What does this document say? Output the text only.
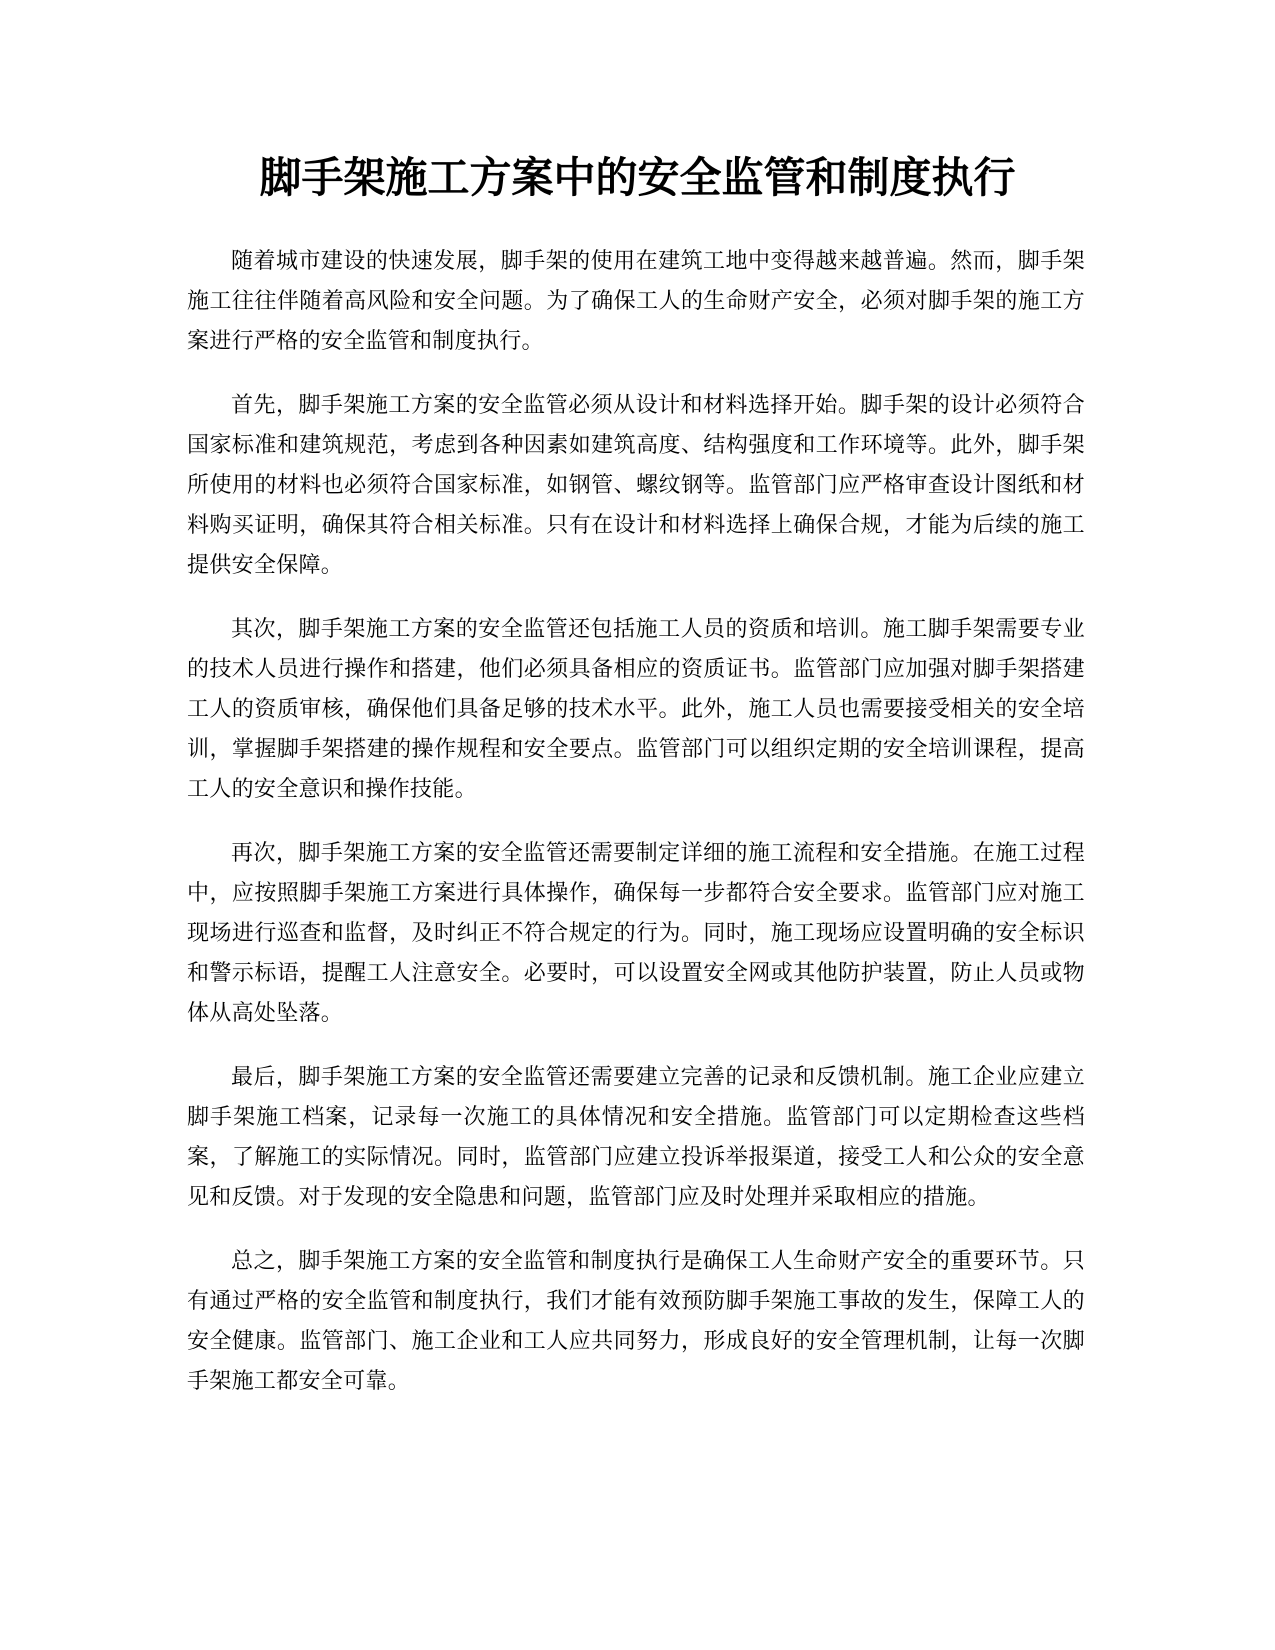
脚手架施工方案中的安全监管和制度执行

随着城市建设的快速发展，脚手架的使用在建筑工地中变得越来越普遍。然而，脚手架施工往往伴随着高风险和安全问题。为了确保工人的生命财产安全，必须对脚手架的施工方案进行严格的安全监管和制度执行。

首先，脚手架施工方案的安全监管必须从设计和材料选择开始。脚手架的设计必须符合国家标准和建筑规范，考虑到各种因素如建筑高度、结构强度和工作环境等。此外，脚手架所使用的材料也必须符合国家标准，如钢管、螺纹钢等。监管部门应严格审查设计图纸和材料购买证明，确保其符合相关标准。只有在设计和材料选择上确保合规，才能为后续的施工提供安全保障。

其次，脚手架施工方案的安全监管还包括施工人员的资质和培训。施工脚手架需要专业的技术人员进行操作和搭建，他们必须具备相应的资质证书。监管部门应加强对脚手架搭建工人的资质审核，确保他们具备足够的技术水平。此外，施工人员也需要接受相关的安全培训，掌握脚手架搭建的操作规程和安全要点。监管部门可以组织定期的安全培训课程，提高工人的安全意识和操作技能。

再次，脚手架施工方案的安全监管还需要制定详细的施工流程和安全措施。在施工过程中，应按照脚手架施工方案进行具体操作，确保每一步都符合安全要求。监管部门应对施工现场进行巡查和监督，及时纠正不符合规定的行为。同时，施工现场应设置明确的安全标识和警示标语，提醒工人注意安全。必要时，可以设置安全网或其他防护装置，防止人员或物体从高处坠落。

最后，脚手架施工方案的安全监管还需要建立完善的记录和反馈机制。施工企业应建立脚手架施工档案，记录每一次施工的具体情况和安全措施。监管部门可以定期检查这些档案，了解施工的实际情况。同时，监管部门应建立投诉举报渠道，接受工人和公众的安全意见和反馈。对于发现的安全隐患和问题，监管部门应及时处理并采取相应的措施。

总之，脚手架施工方案的安全监管和制度执行是确保工人生命财产安全的重要环节。只有通过严格的安全监管和制度执行，我们才能有效预防脚手架施工事故的发生，保障工人的安全健康。监管部门、施工企业和工人应共同努力，形成良好的安全管理机制，让每一次脚手架施工都安全可靠。
